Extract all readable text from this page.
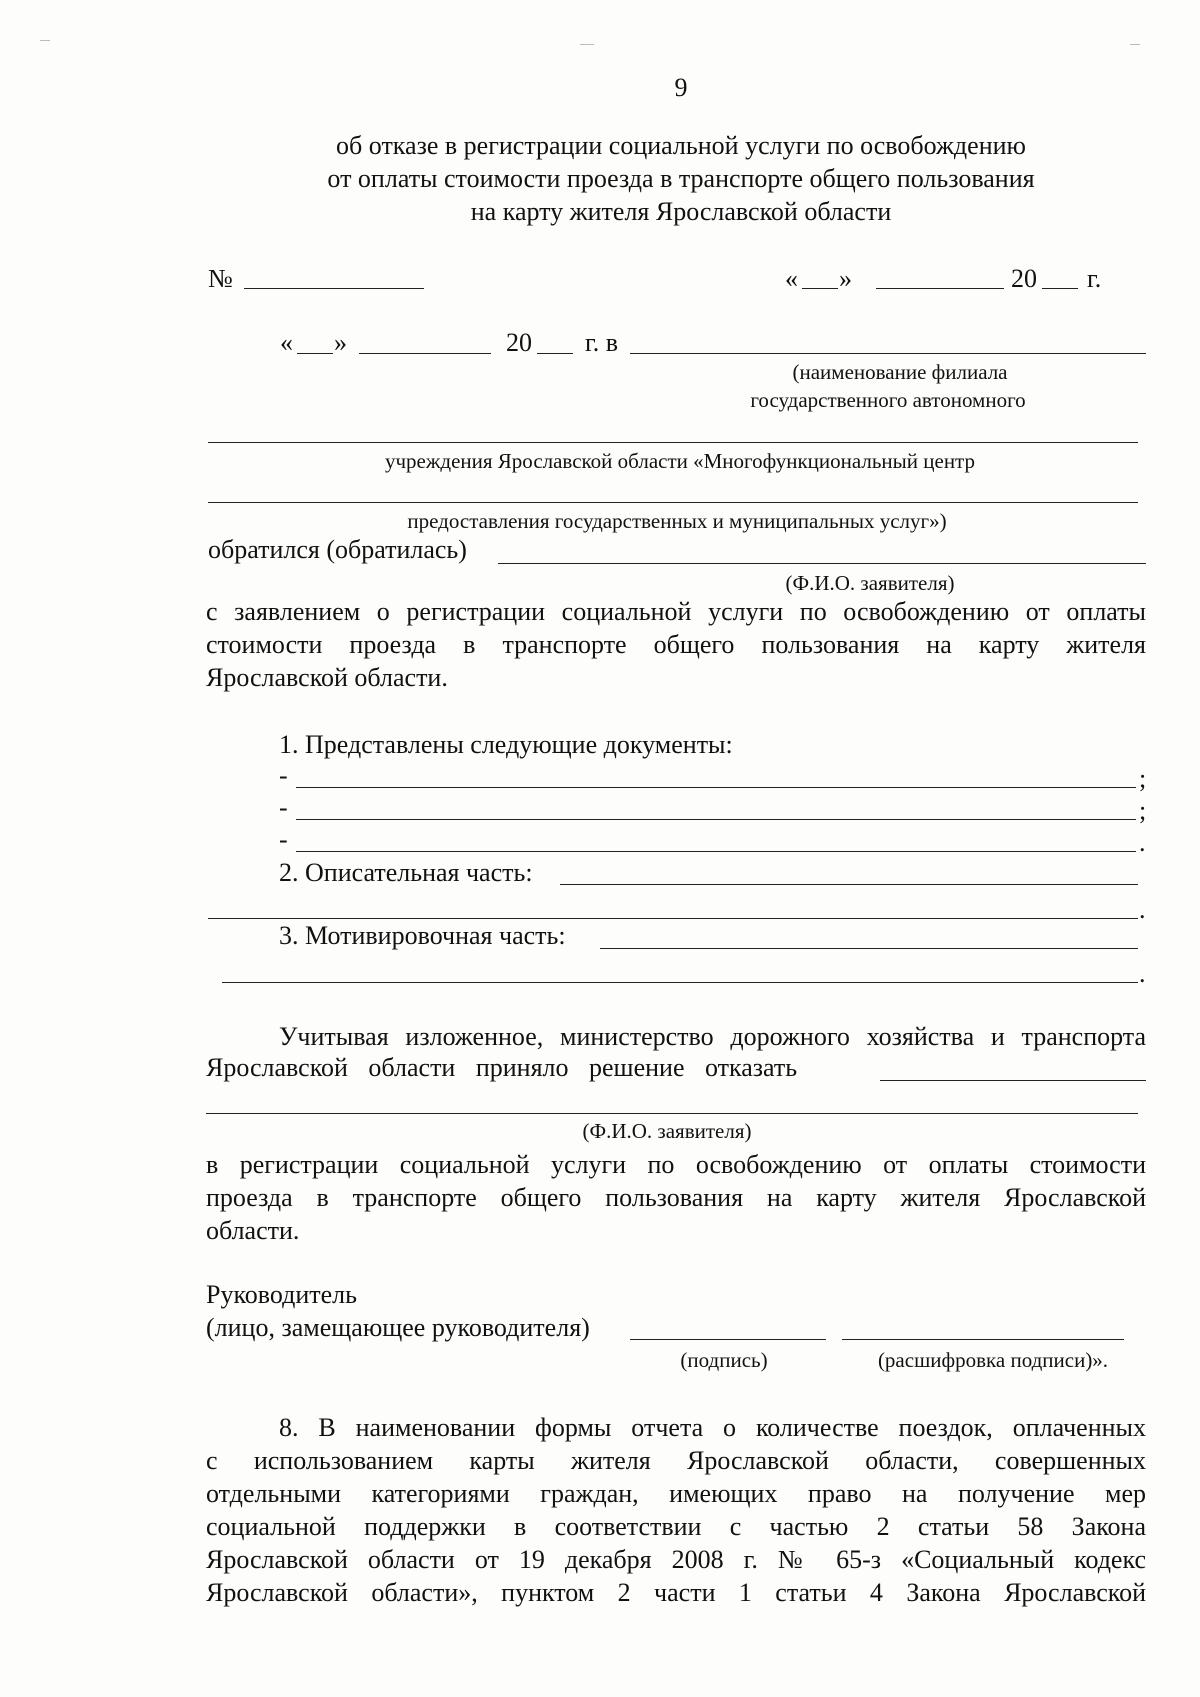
9
об отказе в регистрации социальной услуги по освобождению
от оплаты стоимости проезда в транспорте общего пользования
на карту жителя Ярославской области
№	« »	20 г.
« »	20 г. в
(наименование филиала
государственного автономного
учреждения Ярославской области «Многофункциональный центр
предоставления государственных и муниципальных услуг»)
обратился (обратилась)
(Ф.И.О. заявителя)
с заявлением о регистрации социальной услуги по освобождению от оплаты
стоимости проезда в транспорте общего пользования на карту жителя
Ярославской области.
1. Представлены следующие документы:
-	;
-	;
-	.
2. Описательная часть:
.
3. Мотивировочная часть:
.
Учитывая изложенное, министерство дорожного хозяйства и транспорта
Ярославской области приняло решение отказать
(Ф.И.О. заявителя)
в регистрации социальной услуги по освобождению от оплаты стоимости
проезда в транспорте общего пользования на карту жителя Ярославской
области.
Руководитель
(лицо, замещающее руководителя)
(подпись)	(расшифровка подписи)».
8. В наименовании формы отчета о количестве поездок, оплаченных
с использованием карты жителя Ярославской области, совершенных
отдельными категориями граждан, имеющих право на получение мер
социальной поддержки в соответствии с частью 2 статьи 58 Закона
Ярославской области от 19 декабря 2008 г. № 65-з «Социальный кодекс
Ярославской области», пунктом 2 части 1 статьи 4 Закона Ярославской
